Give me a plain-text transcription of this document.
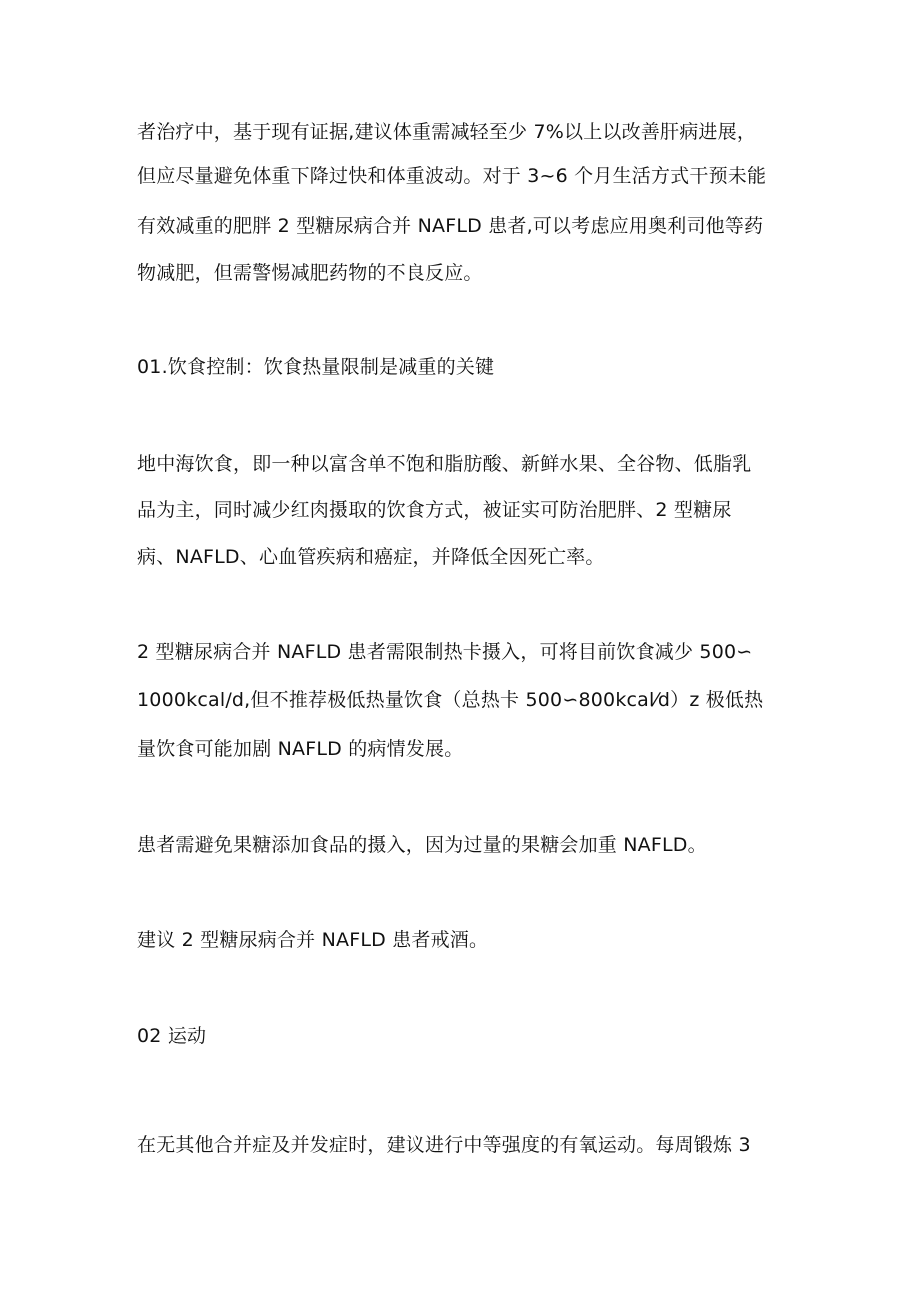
者治疗中，基于现有证据,建议体重需减轻至少 7%以上以改善肝病进展，
但应尽量避免体重下降过快和体重波动。对于 3~6 个月生活方式干预未能
有效减重的肥胖 2 型糖尿病合并 NAFLD 患者,可以考虑应用奥利司他等药
物减肥，但需警惕减肥药物的不良反应。
01.饮食控制：饮食热量限制是减重的关键
地中海饮食，即一种以富含单不饱和脂肪酸、新鲜水果、全谷物、低脂乳
品为主，同时减少红肉摄取的饮食方式，被证实可防治肥胖、2 型糖尿
病、NAFLD、心血管疾病和癌症，并降低全因死亡率。
2 型糖尿病合并 NAFLD 患者需限制热卡摄入，可将目前饮食减少 500∽
1000kcal/d,但不推荐极低热量饮食（总热卡 500∽800kcal⁄d）z 极低热
量饮食可能加剧 NAFLD 的病情发展。
患者需避免果糖添加食品的摄入，因为过量的果糖会加重 NAFLD。
建议 2 型糖尿病合并 NAFLD 患者戒酒。
02 运动
在无其他合并症及并发症时，建议进行中等强度的有氧运动。每周锻炼 3
